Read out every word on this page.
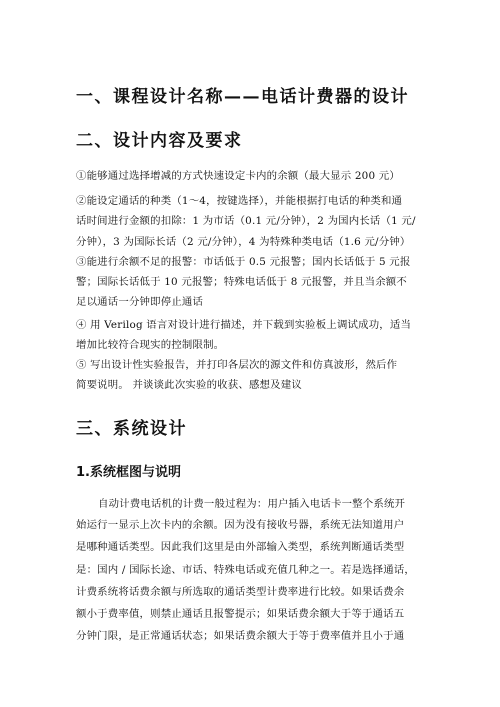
一、课程设计名称——电话计费器的设计
二、设计内容及要求
①能够通过选择增减的方式快速设定卡内的余额（最大显示 200 元）
②能设定通话的种类（1～4，按键选择），并能根据打电话的种类和通
话时间进行金额的扣除：1 为市话（0.1 元/分钟），2 为国内长话（1 元/
分钟），3 为国际长话（2 元/分钟），4 为特殊种类电话（1.6 元/分钟）
③能进行余额不足的报警：市话低于 0.5 元报警；国内长话低于 5 元报
警；国际长话低于 10 元报警；特殊电话低于 8 元报警，并且当余额不
足以通话一分钟即停止通话
④ 用 Verilog 语言对设计进行描述，并下载到实验板上调试成功，适当
增加比较符合现实的控制限制。
⑤ 写出设计性实验报告，并打印各层次的源文件和仿真波形，然后作
简要说明。 并谈谈此次实验的收获、感想及建议
三、系统设计
1.系统框图与说明
自动计费电话机的计费一般过程为：用户插入电话卡一整个系统开
始运行一显示上次卡内的余额。因为没有接收号器，系统无法知道用户
是哪种通话类型。因此我们这里是由外部输入类型，系统判断通话类型
是：国内 / 国际长途、市话、特殊电话或充值几种之一。若是选择通话，
计费系统将话费余额与所选取的通话类型计费率进行比较。如果话费余
额小于费率值，则禁止通话且报警提示；如果话费余额大于等于通话五
分钟门限，是正常通话状态；如果话费余额大于等于费率值并且小于通
